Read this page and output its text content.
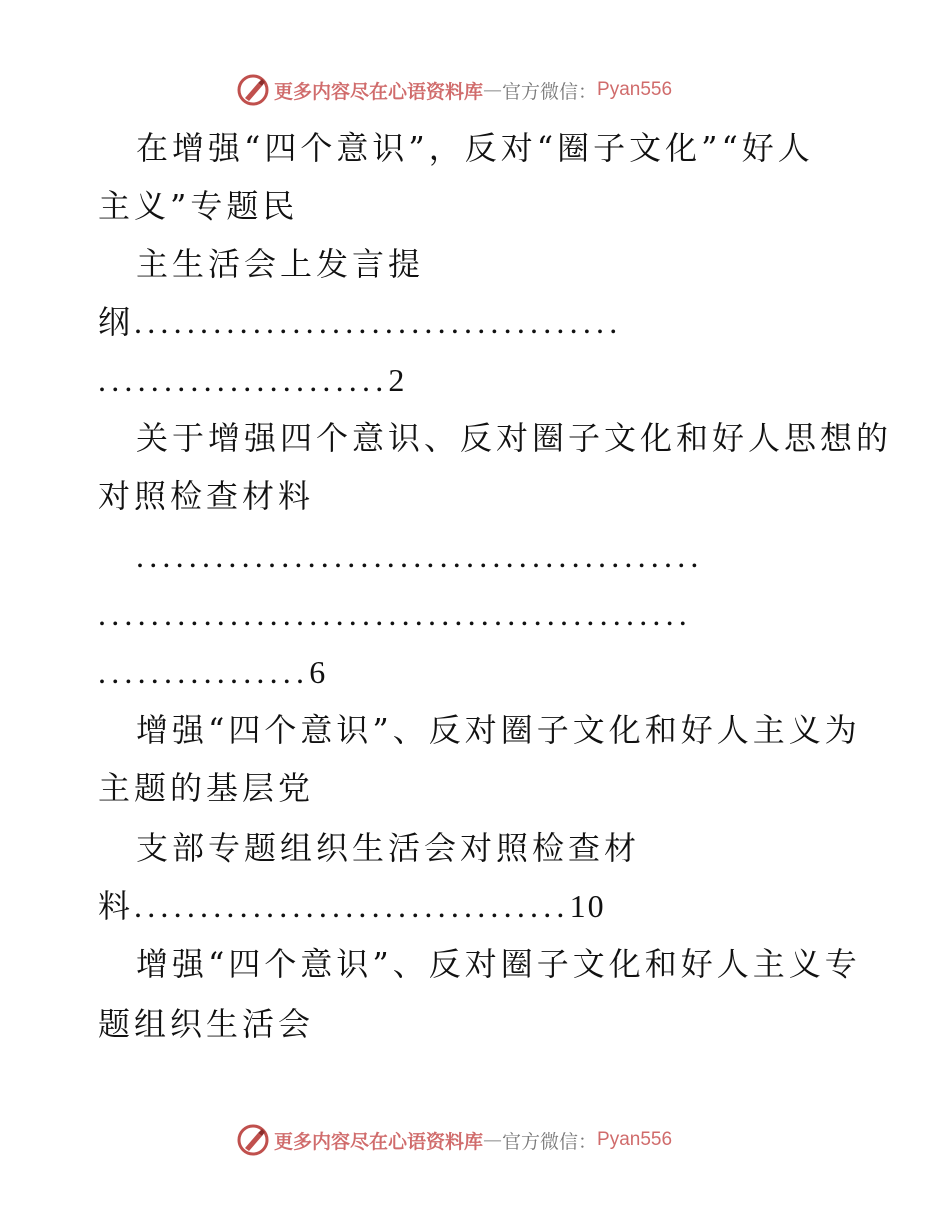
更多内容尽在心语资料库 — 官方微信： Pyan556
在增强“四个意识”，反对“圈子文化”“好人
主义”专题民
主生活会上发言提
纲.....................................
......................2
关于增强四个意识、反对圈子文化和好人思想的
对照检查材料
...........................................
.............................................
................6
增强“四个意识”、反对圈子文化和好人主义为
主题的基层党
支部专题组织生活会对照检查材
料.................................10
增强“四个意识”、反对圈子文化和好人主义专
题组织生活会
更多内容尽在心语资料库 — 官方微信： Pyan556
